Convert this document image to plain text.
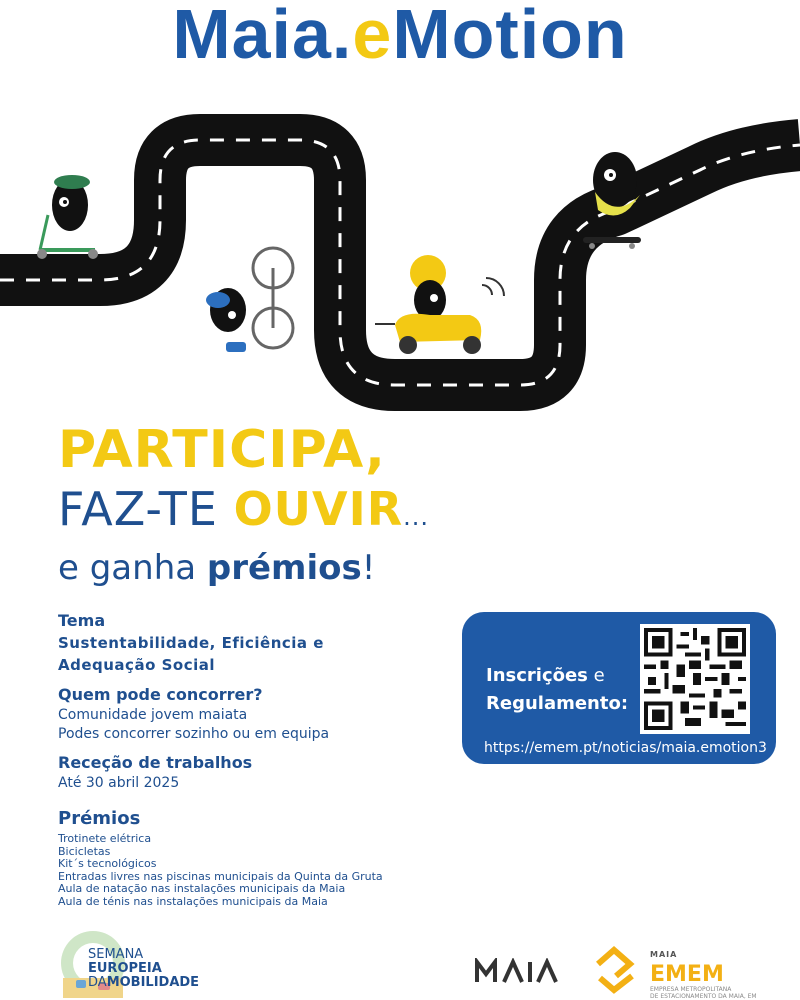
Maia.eMotion
PARTICIPA,
FAZ-TE OUVIR...
e ganha prémios!

Tema

Sustentabilidade, Eficiência e

Adequação Social

Quem pode concorrer?

Comunidade jovem maiata

Podes concorrer sozinho ou em equipa

Receção de trabalhos

Até 30 abril 2025

Prémios

Trotinete elétrica

Bicicletas

Kit´s tecnológicos

Entradas livres nas piscinas municipais da Quinta da Gruta

Aula de natação nas instalações municipais da Maia

Aula de ténis nas instalações municipais da Maia

Inscrições e
Regulamento:
https://emem.pt/noticias/maia.emotion3
SEMANA
EUROPEIA
DAMOBILIDADE
MAIA
EMEM
EMPRESA METROPOLITANA
DE ESTACIONAMENTO DA MAIA, EM
